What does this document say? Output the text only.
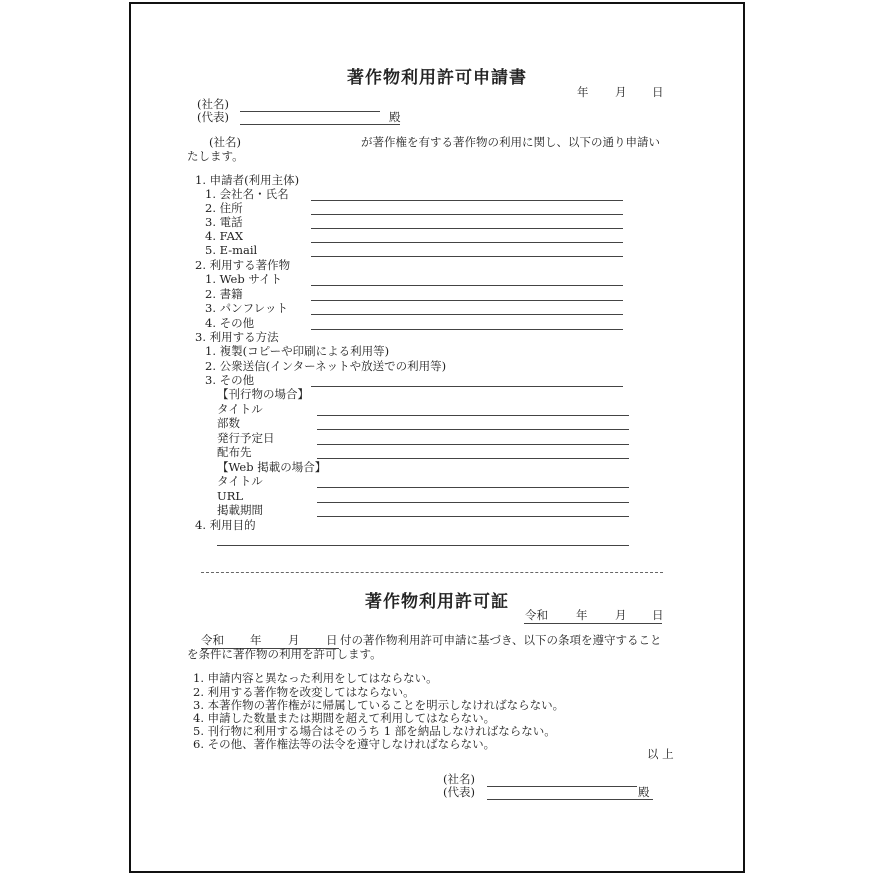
著作物利用許可申請書
年 月 日
(社名)
(代表)	殿
(社名)	が著作権を有する著作物の利用に関し、以下の通り申請い
たします。
1. 申請者(利用主体)
1. 会社名・氏名
2. 住所
3. 電話
4. FAX
5. E-mail
2. 利用する著作物
1. Web サイト
2. 書籍
3. パンフレット
4. その他
3. 利用する方法
1. 複製(コピーや印刷による利用等)
2. 公衆送信(インターネットや放送での利用等)
3. その他
【刊行物の場合】
タイトル
部数
発行予定日
配布先
【Web 掲載の場合】
タイトル
URL
掲載期間
4. 利用目的
著作物利用許可証
令和 年 月 日
令和 年 月 日 付の著作物利用許可申請に基づき、以下の条項を遵守すること
を条件に著作物の利用を許可します。
1. 申請内容と異なった利用をしてはならない。
2. 利用する著作物を改変してはならない。
3. 本著作物の著作権がに帰属していることを明示しなければならない。
4. 申請した数量または期間を超えて利用してはならない。
5. 刊行物に利用する場合はそのうち 1 部を納品しなければならない。
6. その他、著作権法等の法令を遵守しなければならない。
以 上
(社名)
(代表)	殿
